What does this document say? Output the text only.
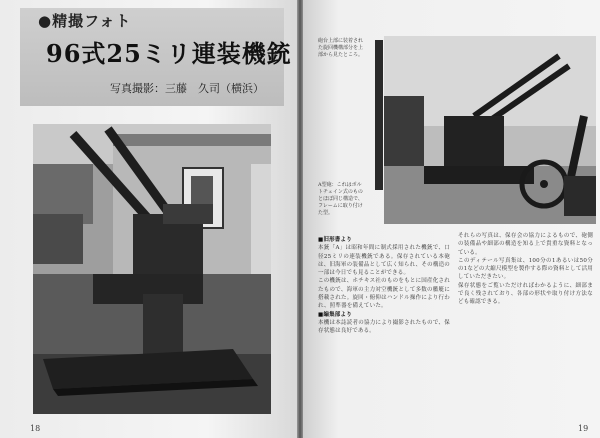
●精撮フォト
96式25ミリ連装機銃
写真撮影：三藤　久司（横浜）
18
砲台上部に装着された旋回機構部分を上部から見たところ。
A型砲：これはボルトチェイン式のものとほぼ同じ構造で、フレームに取り付けた型。
■旧形書より
本銃「A」は昭和年間に制式採用された機銃で、口径25ミリの連装機銃である。保存されている本砲は、旧海軍の装備品として広く知られ、その構造の一部は今日でも見ることができる。
この機銃は、ホチキス社のものをもとに国産化されたもので、海軍の主力対空機銃として多数の艦艇に搭載された。旋回・俯仰はハンドル操作により行われ、照準器を備えていた。
■編集部より
本機は本誌読者の協力により撮影されたもので、保存状態は良好である。
それらの写真は、保存会の協力によるもので、砲側の装備品や細部の構造を知る上で貴重な資料となっている。
このディテール写真集は、100分の1あるいは50分の1などの大縮尺模型を製作する際の資料として活用していただきたい。
保存状態をご覧いただければわかるように、細部まで良く残されており、各部の形状や取り付け方法なども確認できる。
19
